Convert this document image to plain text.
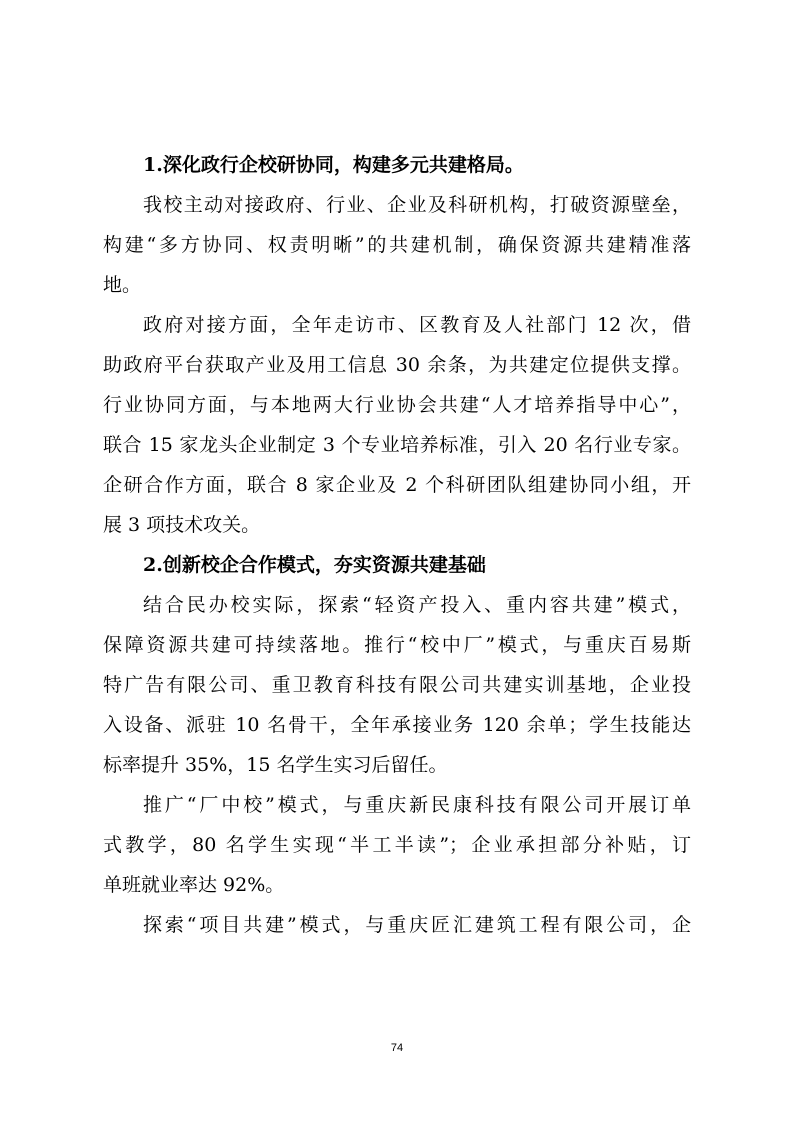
1.深化政行企校研协同，构建多元共建格局。
我校主动对接政府、行业、企业及科研机构，打破资源壁垒，
构建“多方协同、权责明晰”的共建机制，确保资源共建精准落
地。
政府对接方面，全年走访市、区教育及人社部门 12 次，借
助政府平台获取产业及用工信息 30 余条，为共建定位提供支撑。
行业协同方面，与本地两大行业协会共建“人才培养指导中心”，
联合 15 家龙头企业制定 3 个专业培养标准，引入 20 名行业专家。
企研合作方面，联合 8 家企业及 2 个科研团队组建协同小组，开
展 3 项技术攻关。
2.创新校企合作模式，夯实资源共建基础
结合民办校实际，探索“轻资产投入、重内容共建”模式，
保障资源共建可持续落地。推行“校中厂”模式，与重庆百易斯
特广告有限公司、重卫教育科技有限公司共建实训基地，企业投
入设备、派驻 10 名骨干，全年承接业务 120 余单；学生技能达
标率提升 35%，15 名学生实习后留任。
推广“厂中校”模式，与重庆新民康科技有限公司开展订单
式教学，80 名学生实现“半工半读”；企业承担部分补贴，订
单班就业率达 92%。
探索“项目共建”模式，与重庆匠汇建筑工程有限公司，企
74
